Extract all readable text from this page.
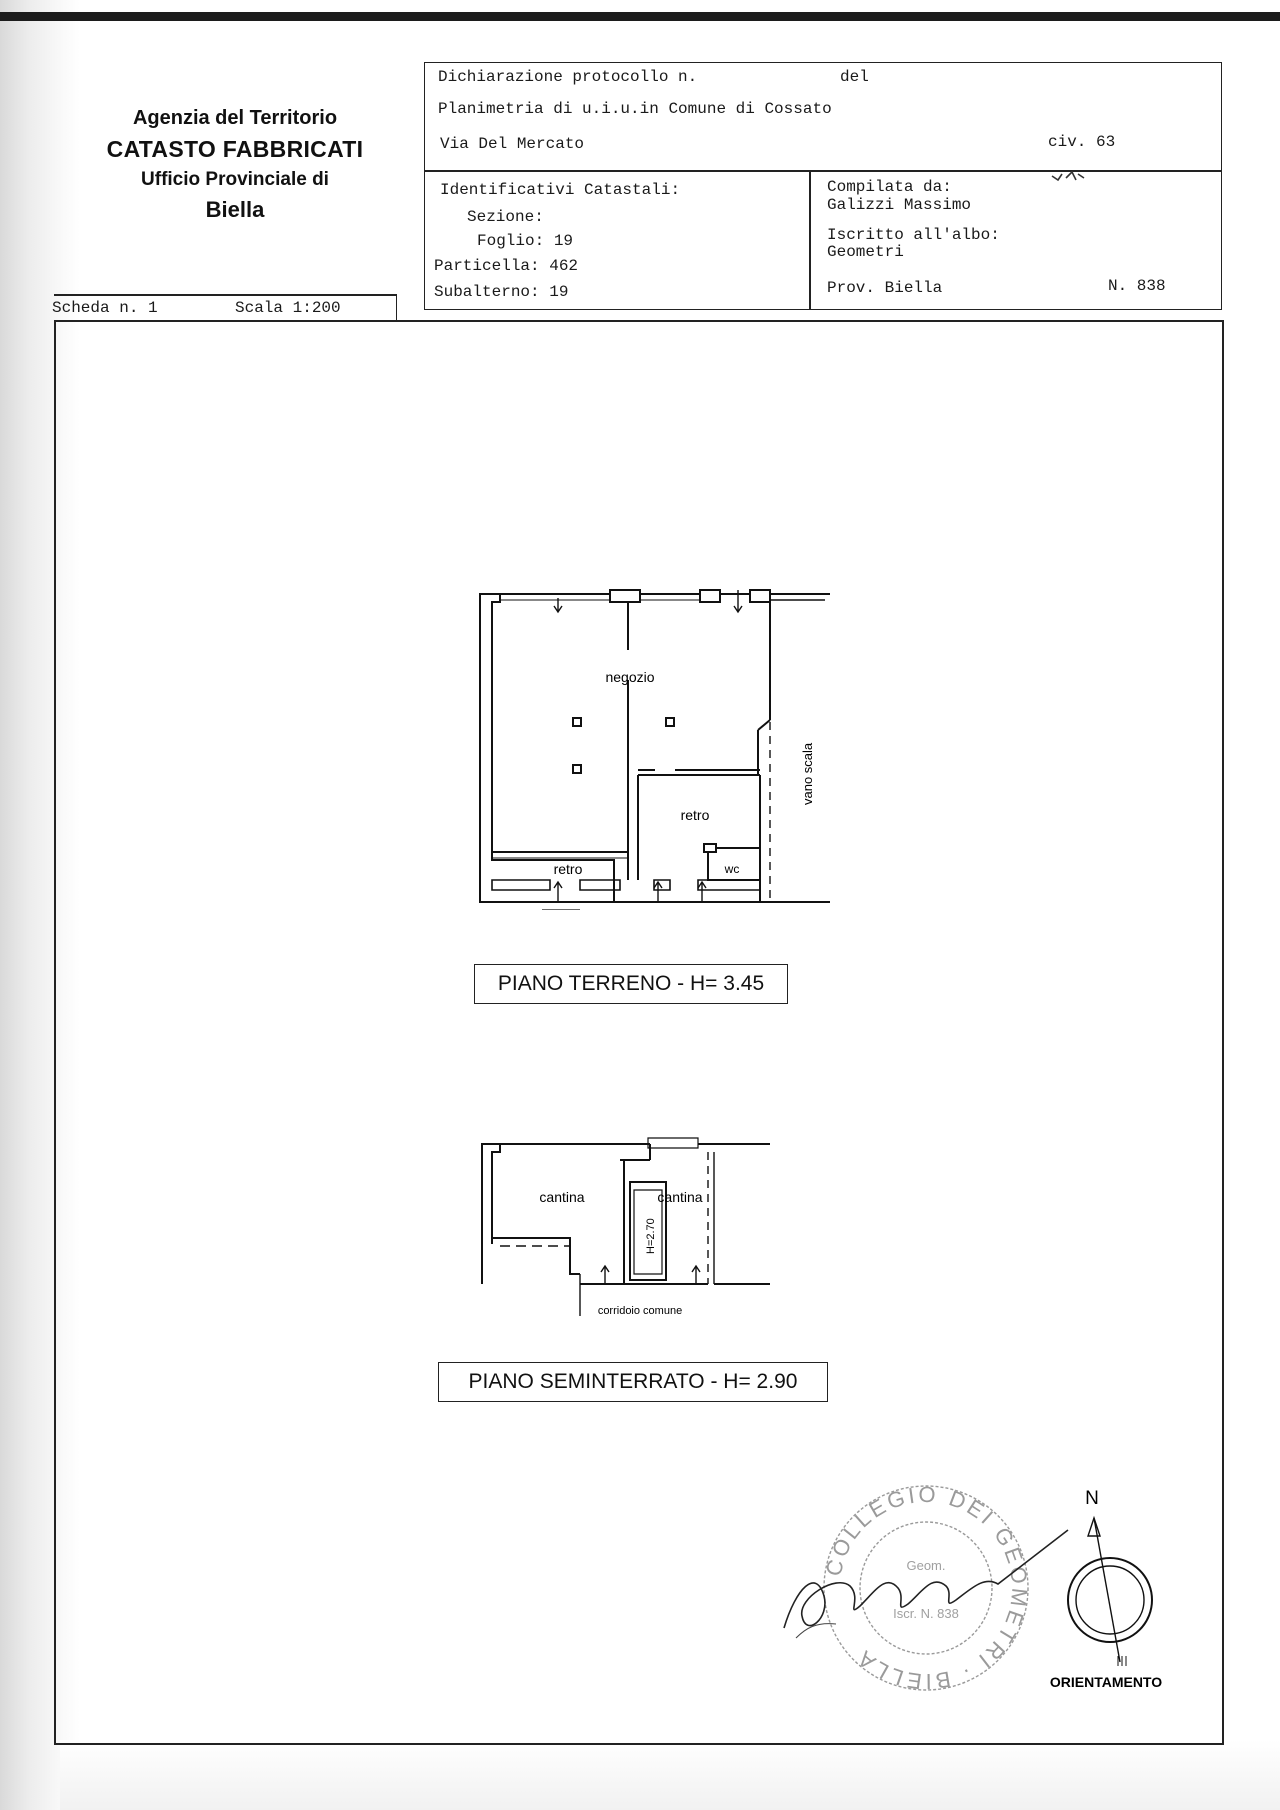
Agenzia del Territorio
CATASTO FABBRICATI
Ufficio Provinciale di
Biella
Scheda n. 1	Scala 1:200
Dichiarazione protocollo n.	del
Planimetria di u.i.u.in Comune di Cossato
Via Del Mercato	civ. 63
Identificativi Catastali:
Sezione:
Foglio: 19
Particella: 462
Subalterno: 19
Compilata da:
Galizzi Massimo
Iscritto all'albo:
Geometri
Prov. Biella	N. 838
negozio
retro
retro	wc
vano scala
PIANO TERRENO - H= 3.45
cantina	cantina
H=2.70
corridoio comune
PIANO SEMINTERRATO - H= 2.90
COLLEGIO DEI GEOMETRI · BIELLA
Geom.
Iscr. N. 838
N
ORIENTAMENTO
